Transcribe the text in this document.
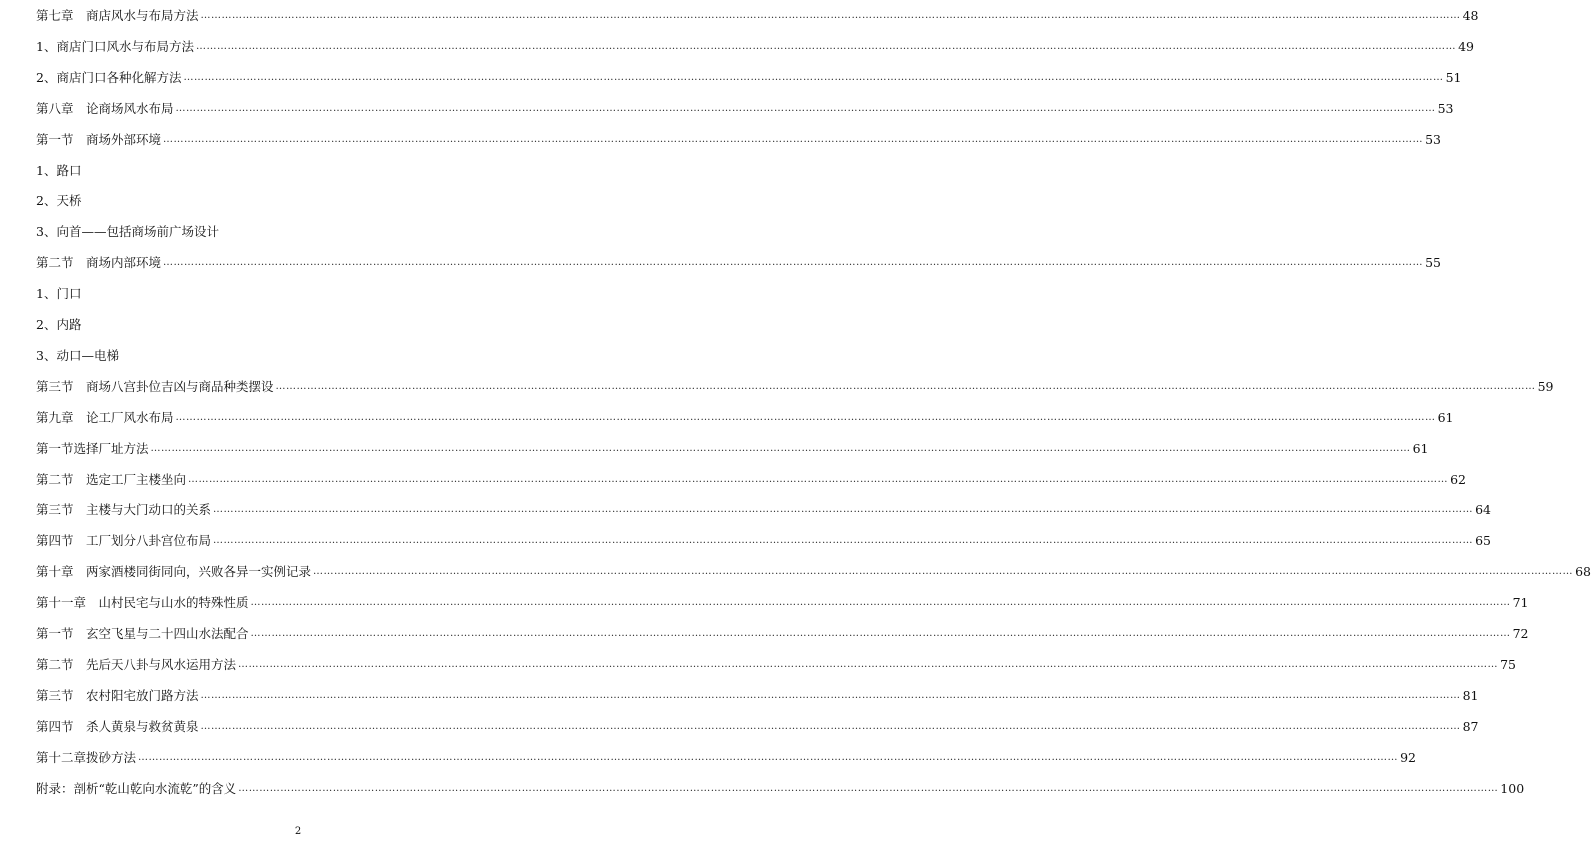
第七章　商店风水与布局方法 ……………………………………………………………………………………………………………………………………………………………………………………………………………………………………………………………………………………………………………………………… 48
1、商店门口风水与布局方法 ……………………………………………………………………………………………………………………………………………………………………………………………………………………………………………………………………………………………………………………………… 49
2、商店门口各种化解方法 ……………………………………………………………………………………………………………………………………………………………………………………………………………………………………………………………………………………………………………………………… 51
第八章　论商场风水布局 ……………………………………………………………………………………………………………………………………………………………………………………………………………………………………………………………………………………………………………………………… 53
第一节　商场外部环境 ……………………………………………………………………………………………………………………………………………………………………………………………………………………………………………………………………………………………………………………………… 53
1、路口
2、天桥
3、向首——包括商场前广场设计
第二节　商场内部环境 ……………………………………………………………………………………………………………………………………………………………………………………………………………………………………………………………………………………………………………………………… 55
1、门口
2、内路
3、动口—电梯
第三节　商场八宫卦位吉凶与商品种类摆设 ……………………………………………………………………………………………………………………………………………………………………………………………………………………………………………………………………………………………………………………………… 59
第九章　论工厂风水布局 ……………………………………………………………………………………………………………………………………………………………………………………………………………………………………………………………………………………………………………………………… 61
第一节选择厂址方法 ……………………………………………………………………………………………………………………………………………………………………………………………………………………………………………………………………………………………………………………………… 61
第二节　选定工厂主楼坐向 ……………………………………………………………………………………………………………………………………………………………………………………………………………………………………………………………………………………………………………………………… 62
第三节　主楼与大门动口的关系 ……………………………………………………………………………………………………………………………………………………………………………………………………………………………………………………………………………………………………………………………… 64
第四节　工厂划分八卦宫位布局 ……………………………………………………………………………………………………………………………………………………………………………………………………………………………………………………………………………………………………………………………… 65
第十章　两家酒楼同街同向，兴败各异一实例记录 ……………………………………………………………………………………………………………………………………………………………………………………………………………………………………………………………………………………………………………………………… 68
第十一章　山村民宅与山水的特殊性质 ……………………………………………………………………………………………………………………………………………………………………………………………………………………………………………………………………………………………………………………………… 71
第一节　玄空飞星与二十四山水法配合 ……………………………………………………………………………………………………………………………………………………………………………………………………………………………………………………………………………………………………………………………… 72
第二节　先后天八卦与风水运用方法 ……………………………………………………………………………………………………………………………………………………………………………………………………………………………………………………………………………………………………………………………… 75
第三节　农村阳宅放门路方法 ……………………………………………………………………………………………………………………………………………………………………………………………………………………………………………………………………………………………………………………………… 81
第四节　杀人黄泉与救贫黄泉 ……………………………………………………………………………………………………………………………………………………………………………………………………………………………………………………………………………………………………………………………… 87
第十二章拨砂方法 ……………………………………………………………………………………………………………………………………………………………………………………………………………………………………………………………………………………………………………………………… 92
附录：剖析“乾山乾向水流乾”的含义 ……………………………………………………………………………………………………………………………………………………………………………………………………………………………………………………………………………………………………………………………… 100
2
